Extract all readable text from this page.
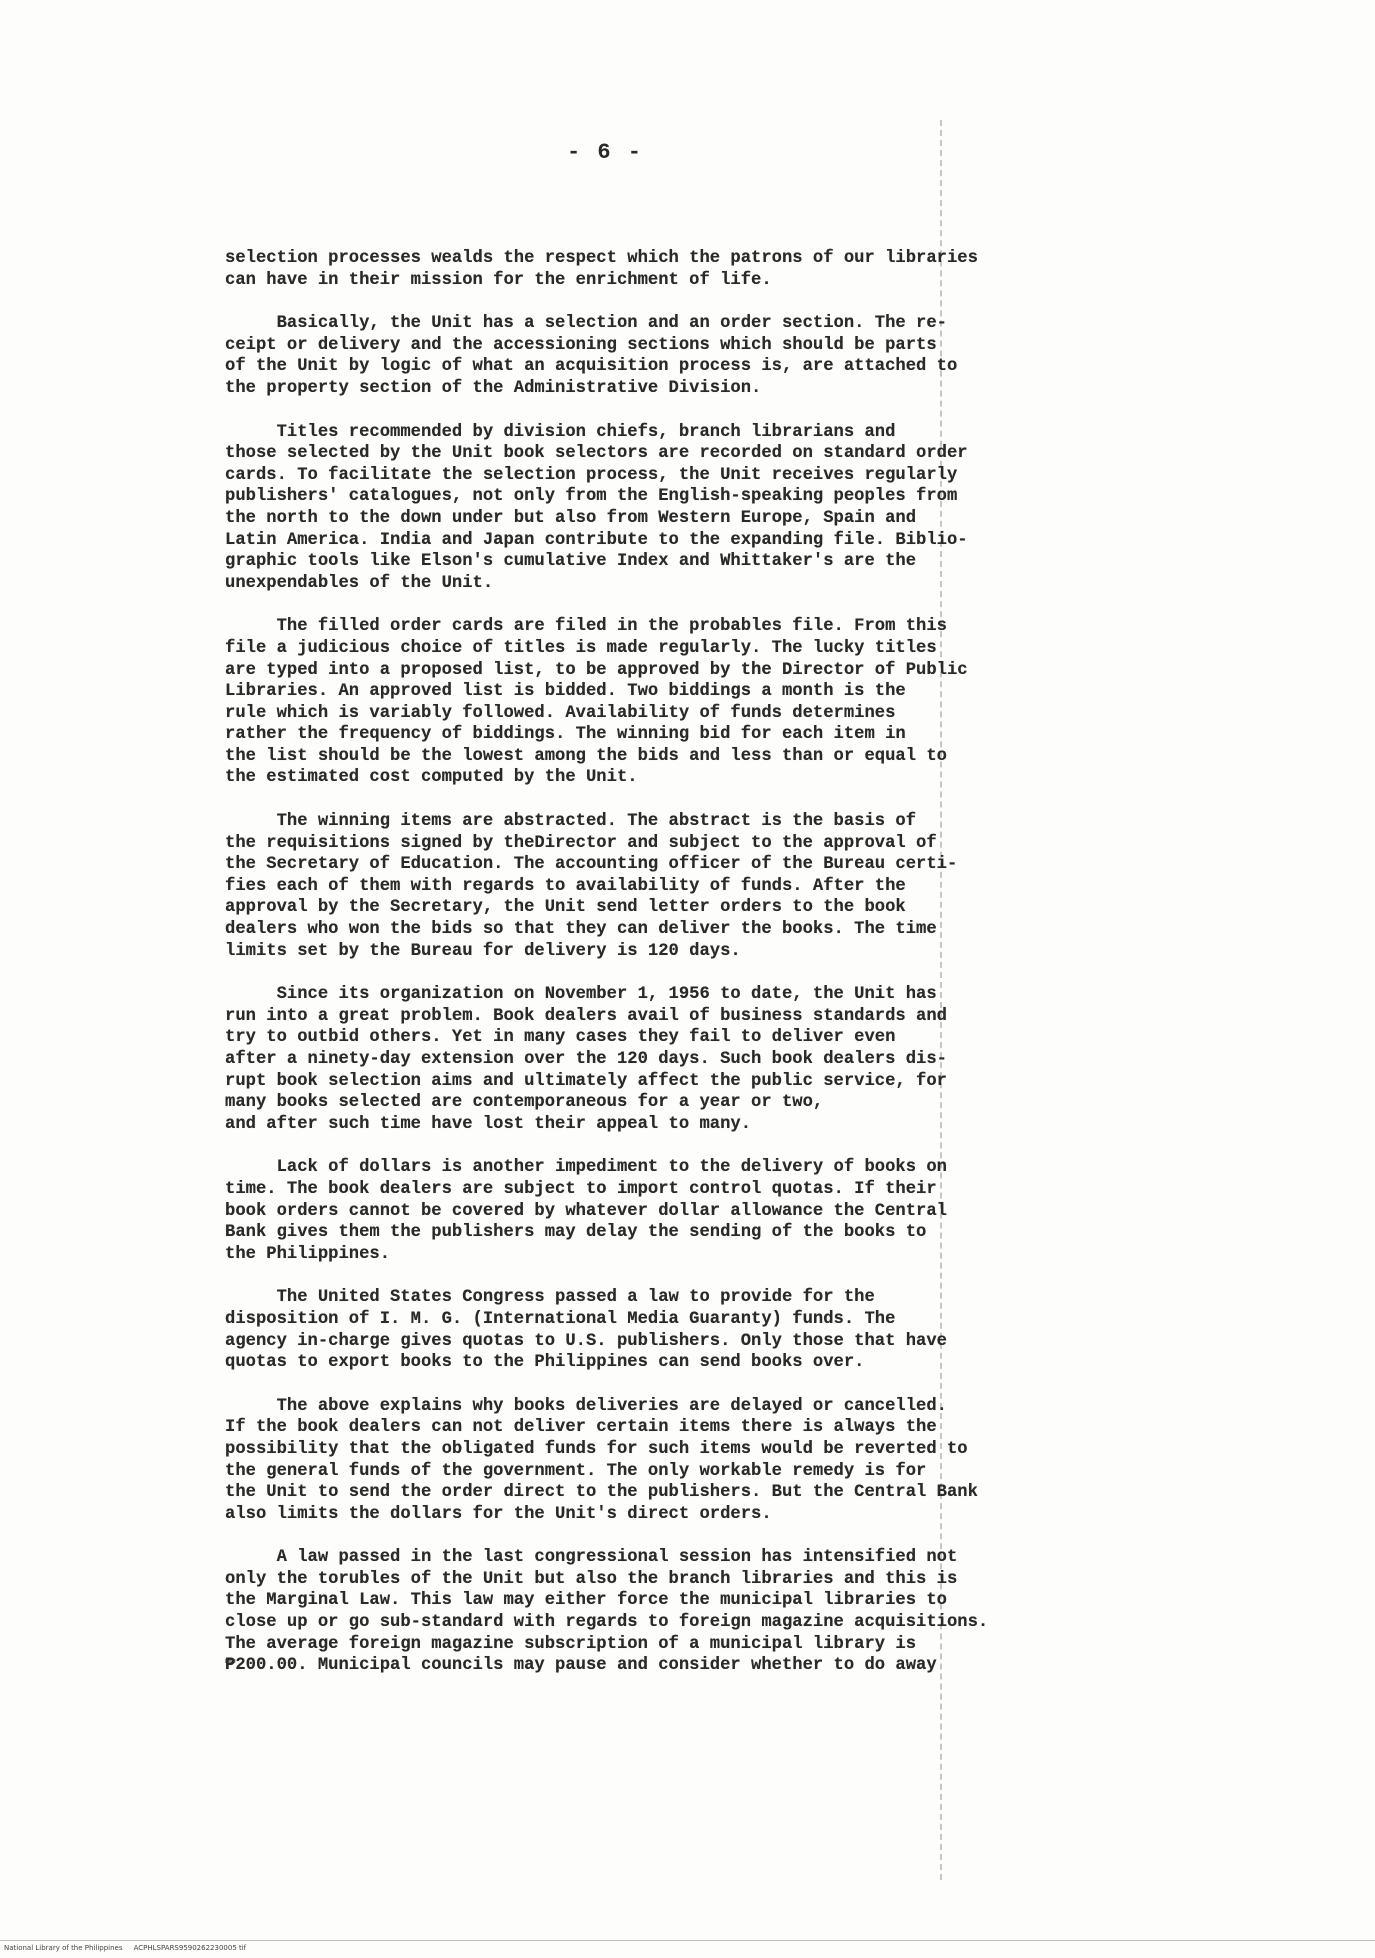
- 6 -

selection processes wealds the respect which the patrons of our libraries
can have in their mission for the enrichment of life.

Basically, the Unit has a selection and an order section. The re-
ceipt or delivery and the accessioning sections which should be parts
of the Unit by logic of what an acquisition process is, are attached to
the property section of the Administrative Division.

Titles recommended by division chiefs, branch librarians and
those selected by the Unit book selectors are recorded on standard order
cards. To facilitate the selection process, the Unit receives regularly
publishers' catalogues, not only from the English-speaking peoples from
the north to the down under but also from Western Europe, Spain and
Latin America. India and Japan contribute to the expanding file. Biblio-
graphic tools like Elson's cumulative Index and Whittaker's are the
unexpendables of the Unit.

The filled order cards are filed in the probables file. From this
file a judicious choice of titles is made regularly. The lucky titles
are typed into a proposed list, to be approved by the Director of Public
Libraries. An approved list is bidded. Two biddings a month is the
rule which is variably followed. Availability of funds determines
rather the frequency of biddings. The winning bid for each item in
the list should be the lowest among the bids and less than or equal to
the estimated cost computed by the Unit.

The winning items are abstracted. The abstract is the basis of
the requisitions signed by theDirector and subject to the approval of
the Secretary of Education. The accounting officer of the Bureau certi-
fies each of them with regards to availability of funds. After the
approval by the Secretary, the Unit send letter orders to the book
dealers who won the bids so that they can deliver the books. The time
limits set by the Bureau for delivery is 120 days.

Since its organization on November 1, 1956 to date, the Unit has
run into a great problem. Book dealers avail of business standards and
try to outbid others. Yet in many cases they fail to deliver even
after a ninety-day extension over the 120 days. Such book dealers dis-
rupt book selection aims and ultimately affect the public service, for
many books selected are contemporaneous for a year or two,
and after such time have lost their appeal to many.

Lack of dollars is another impediment to the delivery of books on
time. The book dealers are subject to import control quotas. If their
book orders cannot be covered by whatever dollar allowance the Central
Bank gives them the publishers may delay the sending of the books to
the Philippines.

The United States Congress passed a law to provide for the
disposition of I. M. G. (International Media Guaranty) funds. The
agency in-charge gives quotas to U.S. publishers. Only those that have
quotas to export books to the Philippines can send books over.

The above explains why books deliveries are delayed or cancelled.
If the book dealers can not deliver certain items there is always the
possibility that the obligated funds for such items would be reverted to
the general funds of the government. The only workable remedy is for
the Unit to send the order direct to the publishers. But the Central Bank
also limits the dollars for the Unit's direct orders.

A law passed in the last congressional session has intensified not
only the torubles of the Unit but also the branch libraries and this is
the Marginal Law. This law may either force the municipal libraries to
close up or go sub-standard with regards to foreign magazine acquisitions.
The average foreign magazine subscription of a municipal library is
₱200.00. Municipal councils may pause and consider whether to do away

National Library of the Philippines     ACPHLSPARS9590262230005 tif
